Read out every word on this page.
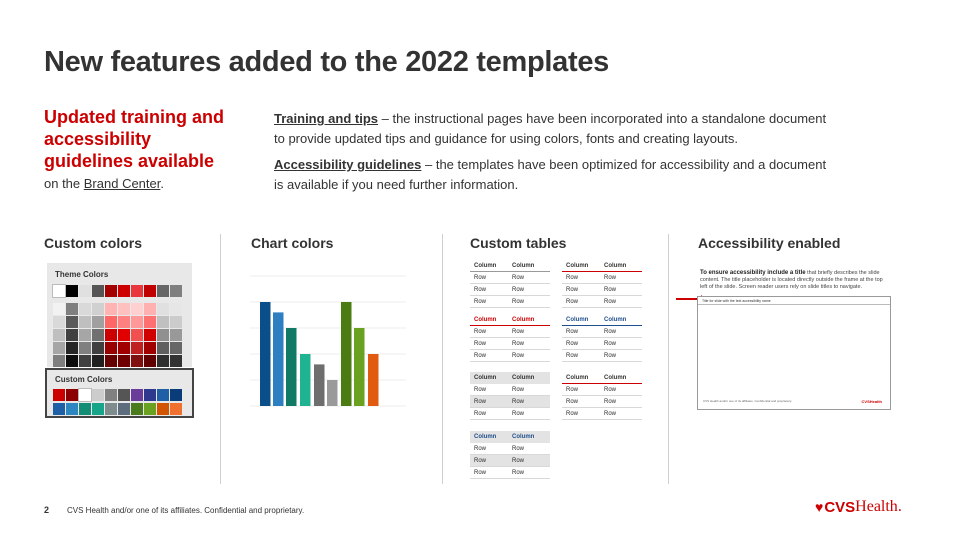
New features added to the 2022 templates
Updated training and accessibility guidelines available
on the Brand Center.

Training and tips – the instructional pages have been incorporated into a standalone document to provide updated tips and guidance for using colors, fonts and creating layouts.

Accessibility guidelines – the templates have been optimized for accessibility and a document is available if you need further information.

Custom colors	Chart colors	Custom tables	Accessibility enabled
Theme Colors
Custom Colors
Column	Column
Row	Row
Row	Row
Row	Row
Column	Column
Row	Row
Row	Row
Row	Row
Column	Column
Row	Row
Row	Row
Row	Row
Column	Column
Row	Row
Row	Row
Row	Row
Column	Column
Row	Row
Row	Row
Row	Row
Column	Column
Row	Row
Row	Row
Row	Row
Column	Column
Row	Row
Row	Row
Row	Row
To ensure accessibility include a title that briefly describes the slide content. The title placeholder is located directly outside the frame at the top left of the slide. Screen reader users rely on slide titles to navigate.
Title for slide with the text accessibility name
CVS Health and/or one of its affiliates. Confidential and proprietary.	CVSHealth
2 CVS Health and/or one of its affiliates. Confidential and proprietary.	♥ CVS Health .
